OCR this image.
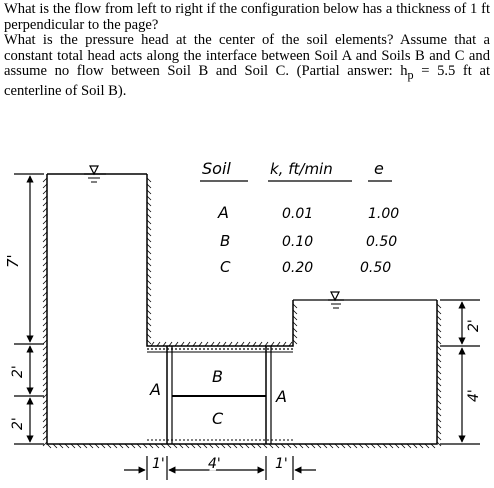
What is the flow from left to right if the configuration below has a thickness of 1 ft perpendicular to the page?

What is the pressure head at the center of the soil elements? Assume that a constant total head acts along the interface between Soil A and Soils B and C and assume no flow between Soil B and Soil C. (Partial answer: $h_p = 5.5$ ft at centerline of Soil B).

Soil	k, ft/min	e
A	0.01	1.00
B	0.10	0.50
C	0.20	0.50
A	A
B
C
7'
2'
2'
2'
4'
1'	4'	1'
